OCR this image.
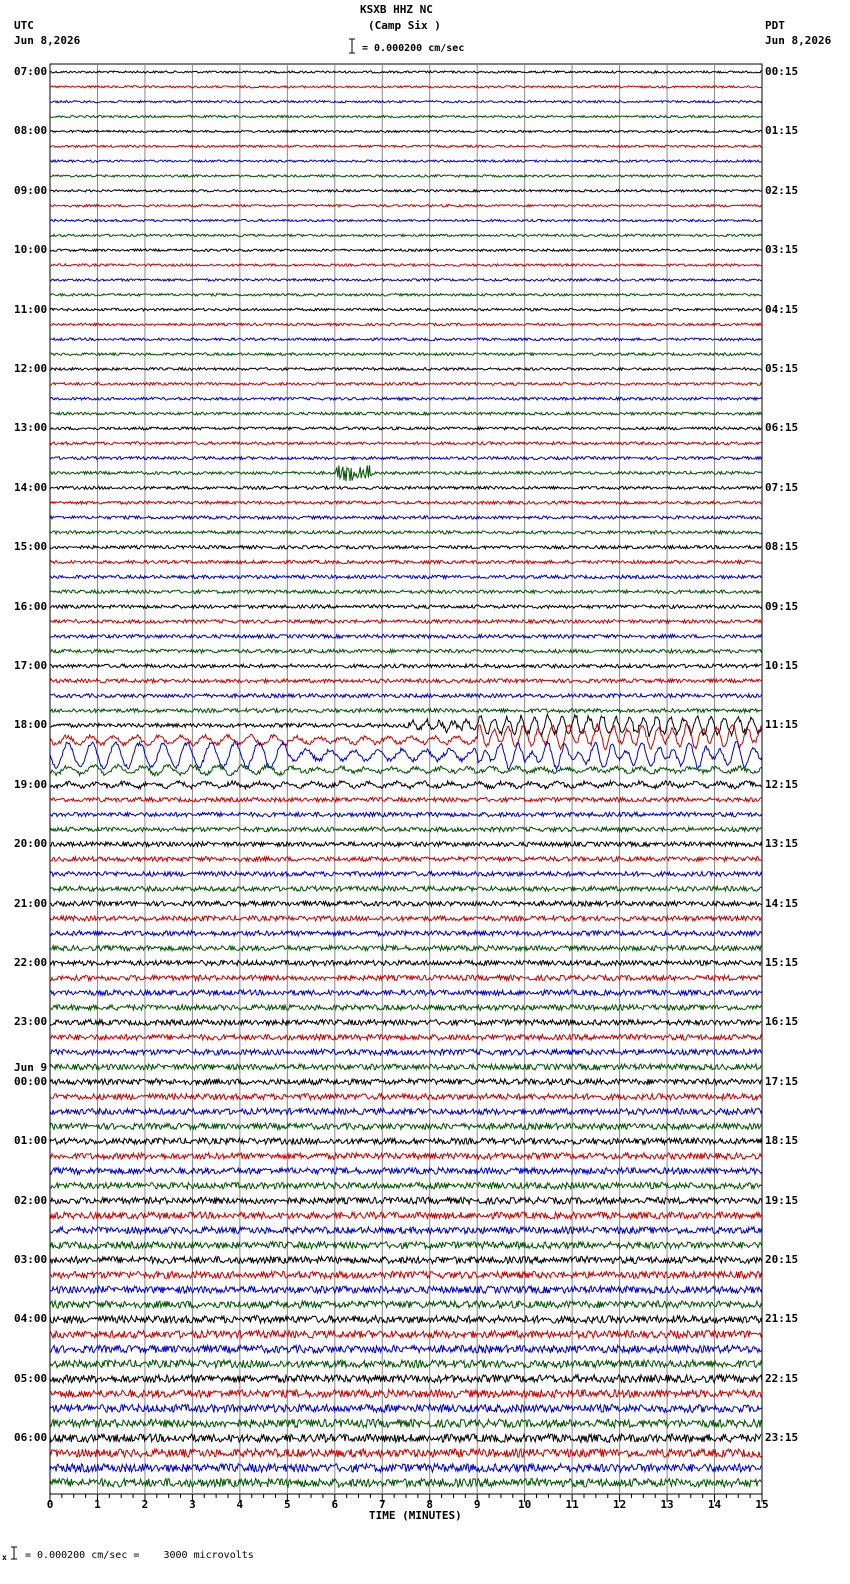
0	1	2	3	4	5	6	7	8	9	10	11	12	13	14	15
KSXB HHZ NC
(Camp Six )
= 0.000200 cm/sec
UTC
Jun 8,2026
PDT
Jun 8,2026
TIME (MINUTES)
= 0.000200 cm/sec =    3000 microvolts
x
07:00
08:00
09:00
10:00
11:00
12:00
13:00
14:00
15:00
16:00
17:00
18:00
19:00
20:00
21:00
22:00
23:00
00:00
Jun 9
01:00
02:00
03:00
04:00
05:00
06:00
00:15
01:15
02:15
03:15
04:15
05:15
06:15
07:15
08:15
09:15
10:15
11:15
12:15
13:15
14:15
15:15
16:15
17:15
18:15
19:15
20:15
21:15
22:15
23:15
